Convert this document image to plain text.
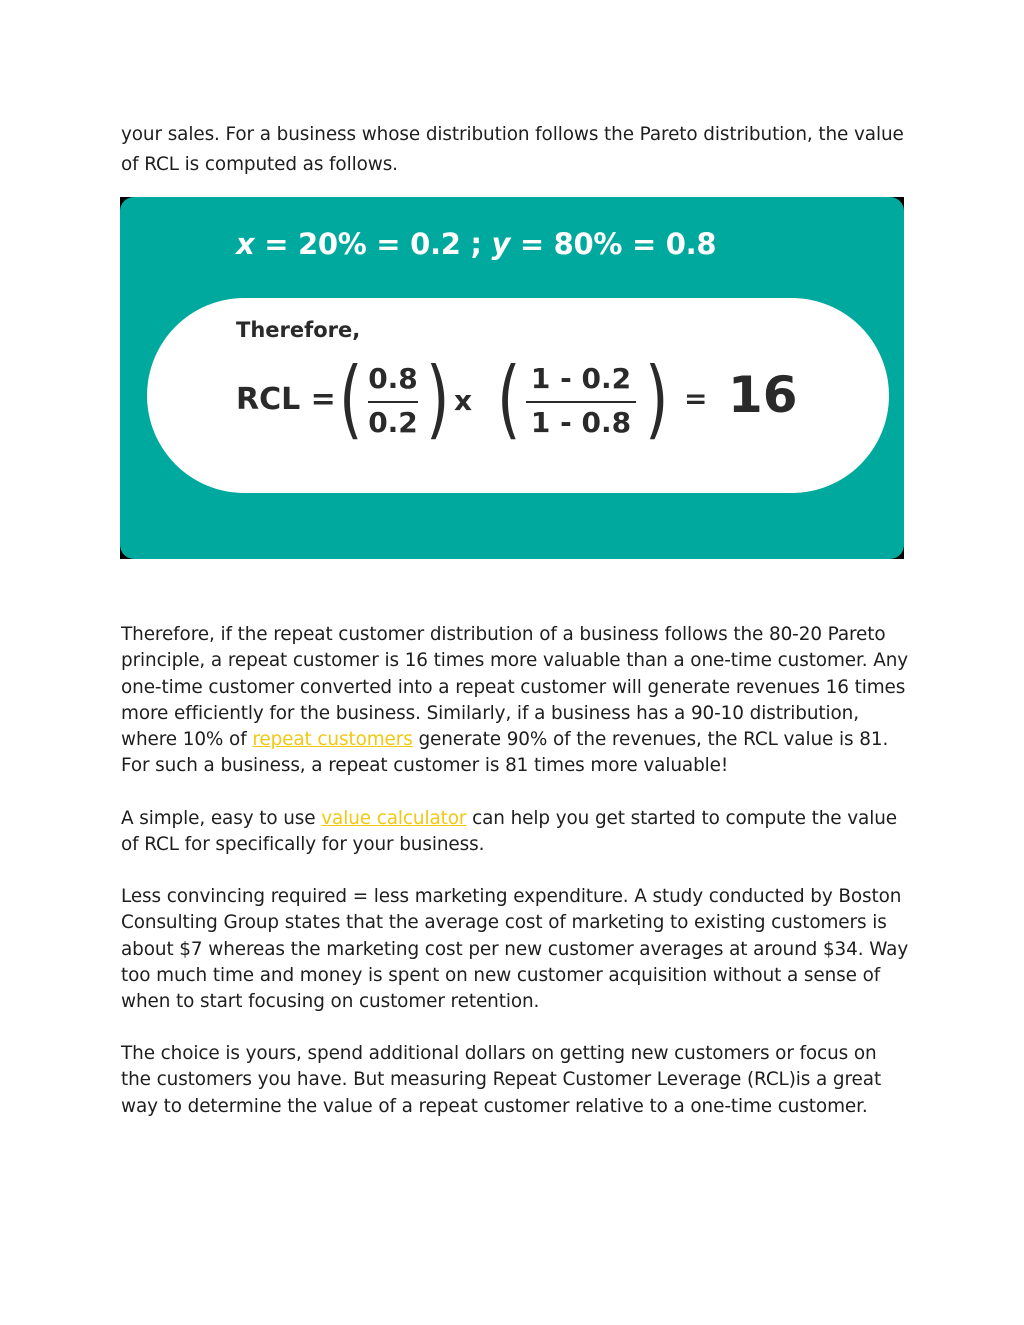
your sales. For a business whose distribution follows the Pareto distribution, the value of RCL is computed as follows.

x = 20% = 0.2 ; y = 80% = 0.8
Therefore,
RCL = ( 0.8
0.2 ) x ( 1 - 0.2
1 - 0.8 ) = 16

Therefore, if the repeat customer distribution of a business follows the 80-20 Pareto principle, a repeat customer is 16 times more valuable than a one-time customer. Any one-time customer converted into a repeat customer will generate revenues 16 times more efficiently for the business. Similarly, if a business has a 90-10 distribution, where 10% of repeat customers generate 90% of the revenues, the RCL value is 81. For such a business, a repeat customer is 81 times more valuable!

A simple, easy to use value calculator can help you get started to compute the value of RCL for specifically for your business.

Less convincing required = less marketing expenditure. A study conducted by Boston Consulting Group states that the average cost of marketing to existing customers is about $7 whereas the marketing cost per new customer averages at around $34. Way too much time and money is spent on new customer acquisition without a sense of when to start focusing on customer retention.

The choice is yours, spend additional dollars on getting new customers or focus on the customers you have. But measuring Repeat Customer Leverage (RCL)is a great way to determine the value of a repeat customer relative to a one-time customer.
